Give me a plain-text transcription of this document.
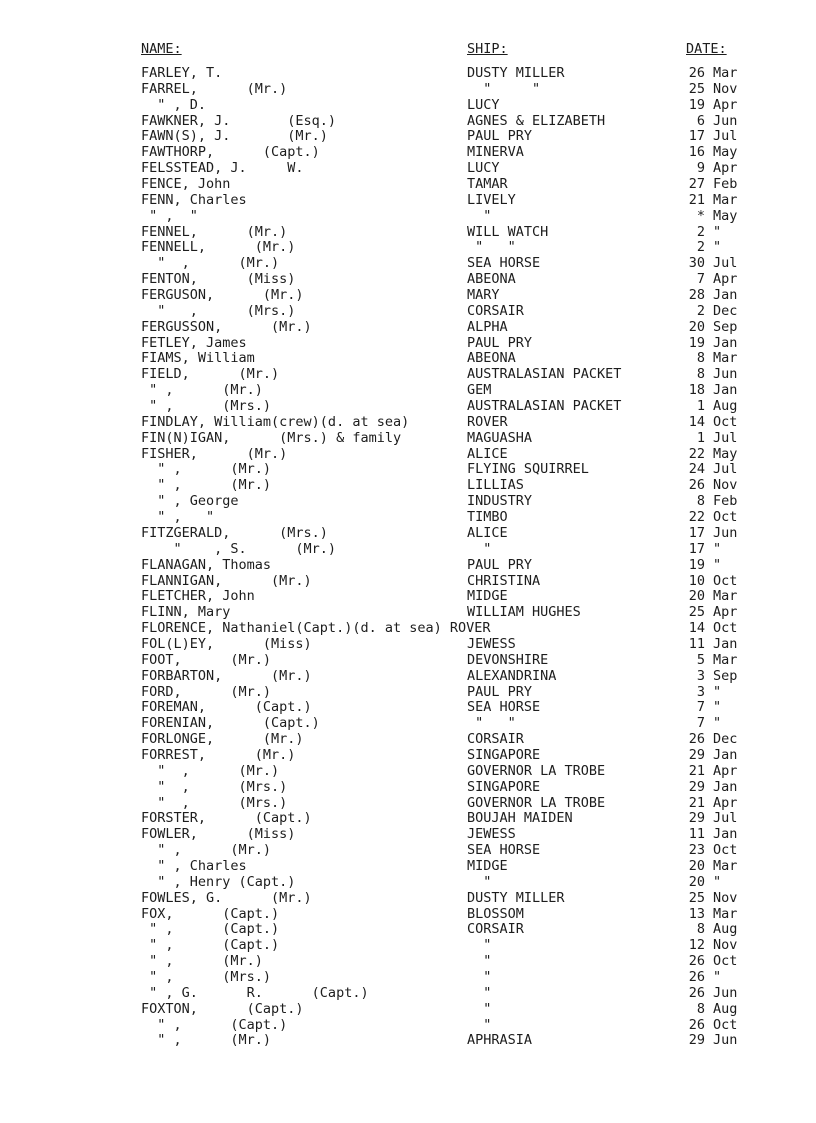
NAME:	SHIP:	DATE:
FARLEY, T.	DUSTY MILLER	26 Mar
FARREL,      (Mr.)	"     "	25 Nov
" , D.	LUCY	19 Apr
FAWKNER, J.       (Esq.)	AGNES & ELIZABETH	6 Jun
FAWN(S), J.       (Mr.)	PAUL PRY	17 Jul
FAWTHORP,      (Capt.)	MINERVA	16 May
FELSSTEAD, J.     W.	LUCY	9 Apr
FENCE, John	TAMAR	27 Feb
FENN, Charles	LIVELY	21 Mar
" ,  "	"	* May
FENNEL,      (Mr.)	WILL WATCH	2 "
FENNELL,      (Mr.)	"   "	2 "
"  ,      (Mr.)	SEA HORSE	30 Jul
FENTON,      (Miss)	ABEONA	7 Apr
FERGUSON,      (Mr.)	MARY	28 Jan
"   ,      (Mrs.)	CORSAIR	2 Dec
FERGUSSON,      (Mr.)	ALPHA	20 Sep
FETLEY, James	PAUL PRY	19 Jan
FIAMS, William	ABEONA	8 Mar
FIELD,      (Mr.)	AUSTRALASIAN PACKET	8 Jun
" ,      (Mr.)	GEM	18 Jan
" ,      (Mrs.)	AUSTRALASIAN PACKET	1 Aug
FINDLAY, William(crew)(d. at sea)	ROVER	14 Oct
FIN(N)IGAN,      (Mrs.) & family	MAGUASHA	1 Jul
FISHER,      (Mr.)	ALICE	22 May
" ,      (Mr.)	FLYING SQUIRREL	24 Jul
" ,      (Mr.)	LILLIAS	26 Nov
" , George	INDUSTRY	8 Feb
" ,   "	TIMBO	22 Oct
FITZGERALD,      (Mrs.)	ALICE	17 Jun
"    , S.      (Mr.)	"	17 "
FLANAGAN, Thomas	PAUL PRY	19 "
FLANNIGAN,      (Mr.)	CHRISTINA	10 Oct
FLETCHER, John	MIDGE	20 Mar
FLINN, Mary	WILLIAM HUGHES	25 Apr
FLORENCE, Nathaniel(Capt.)(d. at sea) ROVER	14 Oct
FOL(L)EY,      (Miss)	JEWESS	11 Jan
FOOT,      (Mr.)	DEVONSHIRE	5 Mar
FORBARTON,      (Mr.)	ALEXANDRINA	3 Sep
FORD,      (Mr.)	PAUL PRY	3 "
FOREMAN,      (Capt.)	SEA HORSE	7 "
FORENIAN,      (Capt.)	"   "	7 "
FORLONGE,      (Mr.)	CORSAIR	26 Dec
FORREST,      (Mr.)	SINGAPORE	29 Jan
"  ,      (Mr.)	GOVERNOR LA TROBE	21 Apr
"  ,      (Mrs.)	SINGAPORE	29 Jan
"  ,      (Mrs.)	GOVERNOR LA TROBE	21 Apr
FORSTER,      (Capt.)	BOUJAH MAIDEN	29 Jul
FOWLER,      (Miss)	JEWESS	11 Jan
" ,      (Mr.)	SEA HORSE	23 Oct
" , Charles	MIDGE	20 Mar
" , Henry (Capt.)	"	20 "
FOWLES, G.      (Mr.)	DUSTY MILLER	25 Nov
FOX,      (Capt.)	BLOSSOM	13 Mar
" ,      (Capt.)	CORSAIR	8 Aug
" ,      (Capt.)	"	12 Nov
" ,      (Mr.)	"	26 Oct
" ,      (Mrs.)	"	26 "
" , G.      R.      (Capt.)	"	26 Jun
FOXTON,      (Capt.)	"	8 Aug
" ,      (Capt.)	"	26 Oct
" ,      (Mr.)	APHRASIA	29 Jun
